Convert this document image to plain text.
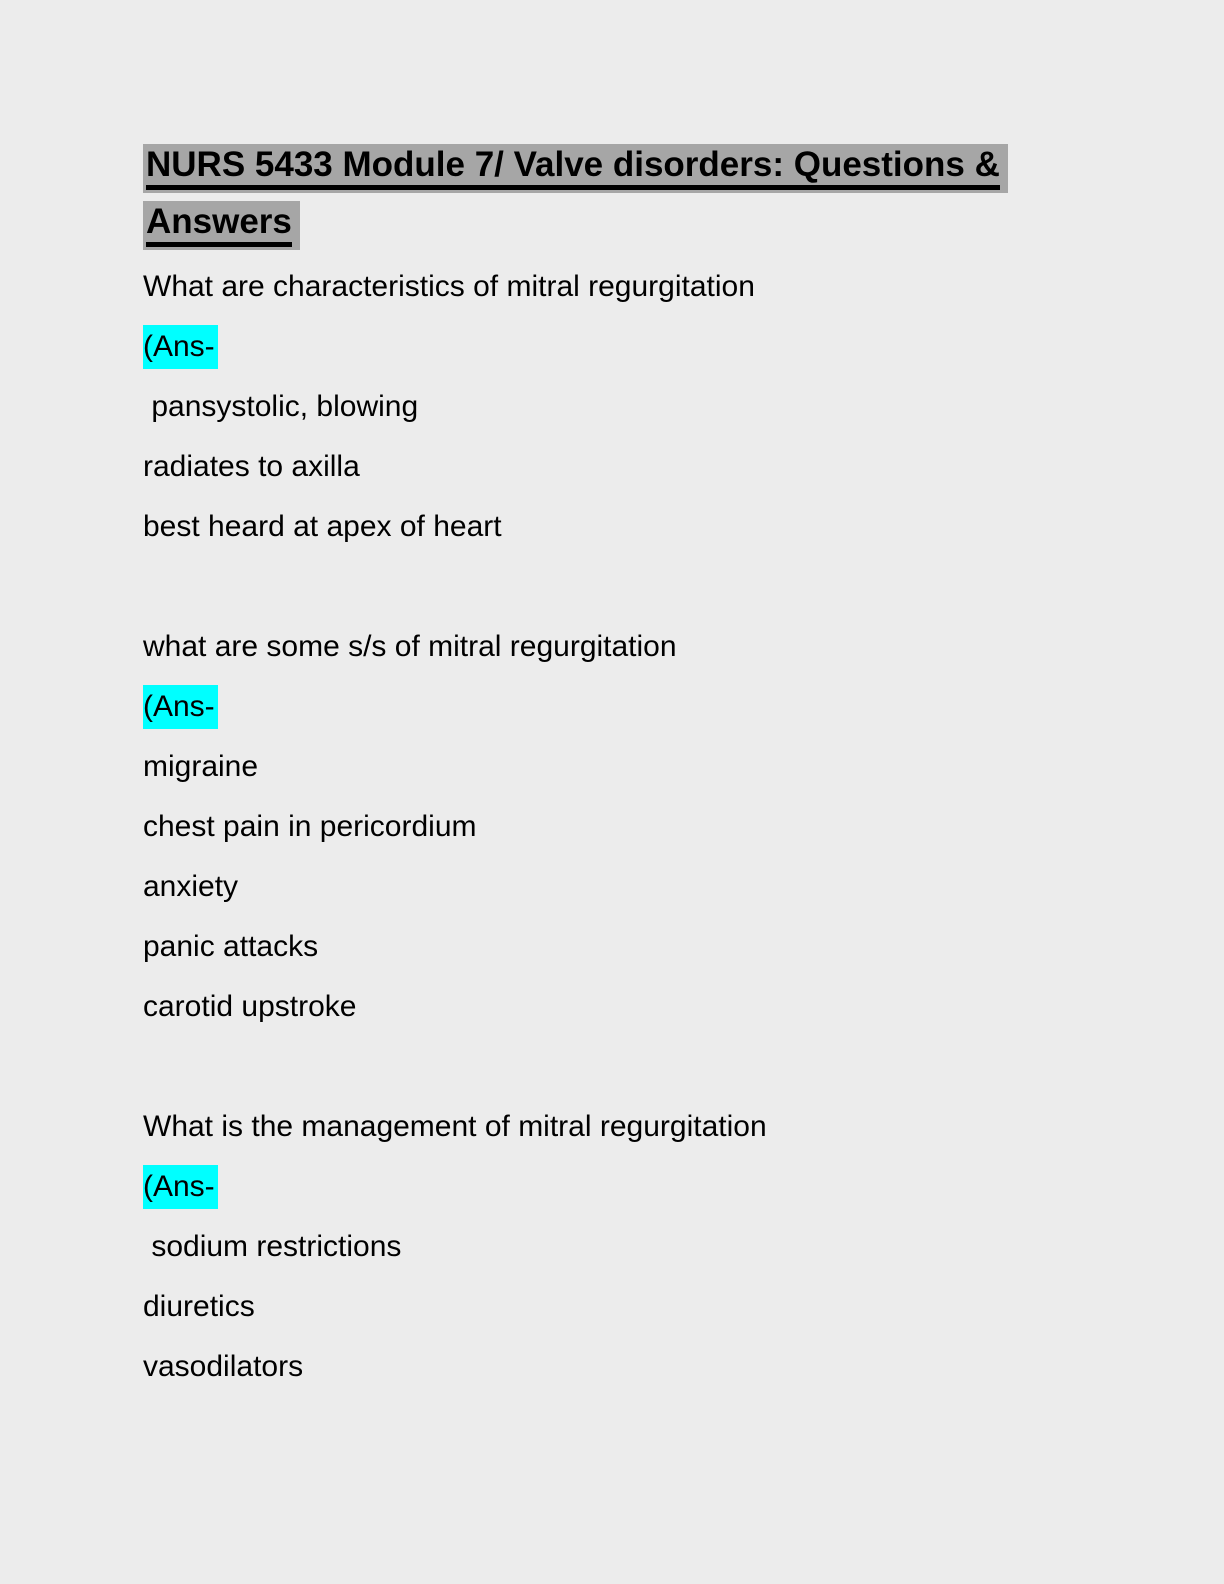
NURS 5433 Module 7/ Valve disorders: Questions &
Answers
What are characteristics of mitral regurgitation
(Ans-
pansystolic, blowing
radiates to axilla
best heard at apex of heart
what are some s/s of mitral regurgitation
(Ans-
migraine
chest pain in pericordium
anxiety
panic attacks
carotid upstroke
What is the management of mitral regurgitation
(Ans-
sodium restrictions
diuretics
vasodilators
